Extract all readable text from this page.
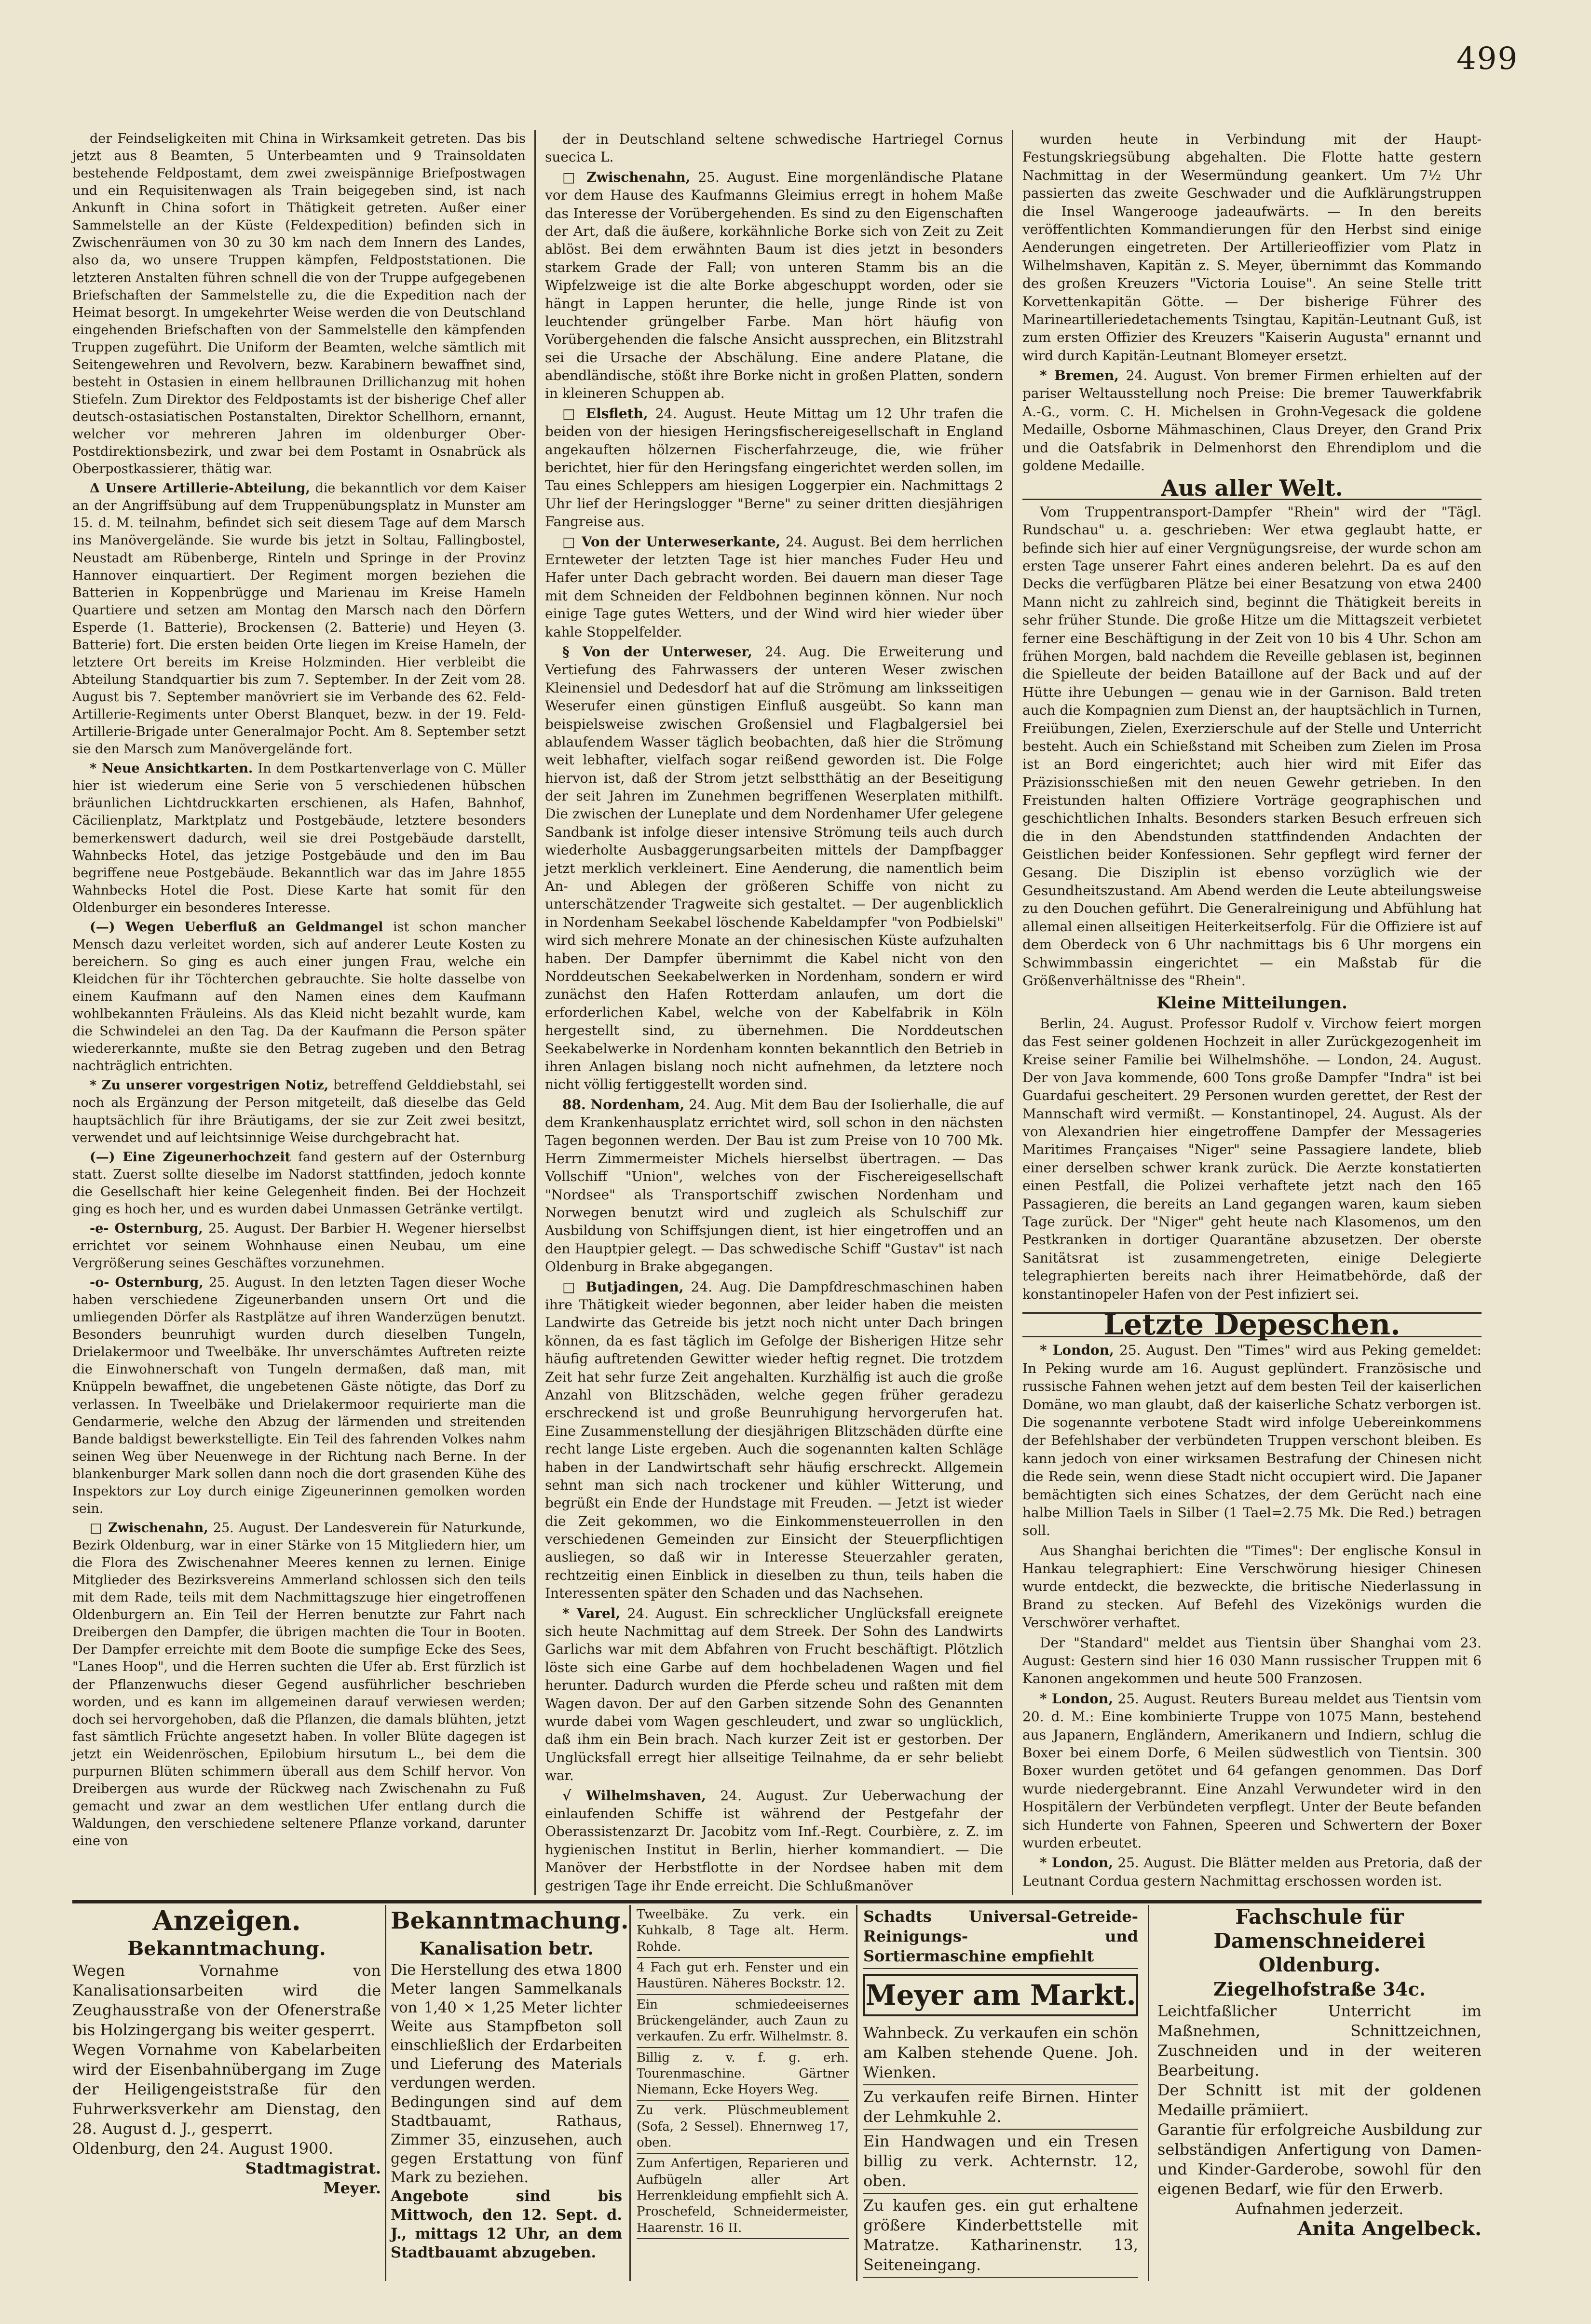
499

der Feindseligkeiten mit China in Wirksamkeit getreten. Das bis jetzt aus 8 Beamten, 5 Unterbeamten und 9 Trainsoldaten bestehende Feldpostamt, dem zwei zweispännige Briefpostwagen und ein Requisitenwagen als Train beigegeben sind, ist nach Ankunft in China sofort in Thätigkeit getreten. Außer einer Sammelstelle an der Küste (Feldexpedition) befinden sich in Zwischenräumen von 30 zu 30 km nach dem Innern des Landes, also da, wo unsere Truppen kämpfen, Feldpoststationen. Die letzteren Anstalten führen schnell die von der Truppe aufgegebenen Briefschaften der Sammelstelle zu, die die Expedition nach der Heimat besorgt. In umgekehrter Weise werden die von Deutschland eingehenden Briefschaften von der Sammelstelle den kämpfenden Truppen zugeführt. Die Uniform der Beamten, welche sämtlich mit Seitengewehren und Revolvern, bezw. Karabinern bewaffnet sind, besteht in Ostasien in einem hellbraunen Drillichanzug mit hohen Stiefeln. Zum Direktor des Feldpostamts ist der bisherige Chef aller deutsch-ostasiatischen Postanstalten, Direktor Schellhorn, ernannt, welcher vor mehreren Jahren im oldenburger Ober-Postdirektionsbezirk, und zwar bei dem Postamt in Osnabrück als Oberpostkassierer, thätig war.

Δ Unsere Artillerie-Abteilung, die bekanntlich vor dem Kaiser an der Angriffsübung auf dem Truppenübungsplatz in Munster am 15. d. M. teilnahm, befindet sich seit diesem Tage auf dem Marsch ins Manövergelände. Sie wurde bis jetzt in Soltau, Fallingbostel, Neustadt am Rübenberge, Rinteln und Springe in der Provinz Hannover einquartiert. Der Regiment morgen beziehen die Batterien in Koppenbrügge und Marienau im Kreise Hameln Quartiere und setzen am Montag den Marsch nach den Dörfern Esperde (1. Batterie), Brockensen (2. Batterie) und Heyen (3. Batterie) fort. Die ersten beiden Orte liegen im Kreise Hameln, der letztere Ort bereits im Kreise Holzminden. Hier verbleibt die Abteilung Standquartier bis zum 7. September. In der Zeit vom 28. August bis 7. September manövriert sie im Verbande des 62. Feld-Artillerie-Regiments unter Oberst Blanquet, bezw. in der 19. Feld-Artillerie-Brigade unter Generalmajor Pocht. Am 8. September setzt sie den Marsch zum Manövergelände fort.

* Neue Ansichtkarten. In dem Postkartenverlage von C. Müller hier ist wiederum eine Serie von 5 verschiedenen hübschen bräunlichen Lichtdruckkarten erschienen, als Hafen, Bahnhof, Cäcilienplatz, Marktplatz und Postgebäude, letztere besonders bemerkenswert dadurch, weil sie drei Postgebäude darstellt, Wahnbecks Hotel, das jetzige Postgebäude und den im Bau begriffene neue Postgebäude. Bekanntlich war das im Jahre 1855 Wahnbecks Hotel die Post. Diese Karte hat somit für den Oldenburger ein besonderes Interesse.

(—) Wegen Ueberfluß an Geldmangel ist schon mancher Mensch dazu verleitet worden, sich auf anderer Leute Kosten zu bereichern. So ging es auch einer jungen Frau, welche ein Kleidchen für ihr Töchterchen gebrauchte. Sie holte dasselbe von einem Kaufmann auf den Namen eines dem Kaufmann wohlbekannten Fräuleins. Als das Kleid nicht bezahlt wurde, kam die Schwindelei an den Tag. Da der Kaufmann die Person später wiedererkannte, mußte sie den Betrag zugeben und den Betrag nachträglich entrichten.

* Zu unserer vorgestrigen Notiz, betreffend Gelddiebstahl, sei noch als Ergänzung der Person mitgeteilt, daß dieselbe das Geld hauptsächlich für ihre Bräutigams, der sie zur Zeit zwei besitzt, verwendet und auf leichtsinnige Weise durchgebracht hat.

(—) Eine Zigeunerhochzeit fand gestern auf der Osternburg statt. Zuerst sollte dieselbe im Nadorst stattfinden, jedoch konnte die Gesellschaft hier keine Gelegenheit finden. Bei der Hochzeit ging es hoch her, und es wurden dabei Unmassen Getränke vertilgt.

-e- Osternburg, 25. August. Der Barbier H. Wegener hierselbst errichtet vor seinem Wohnhause einen Neubau, um eine Vergrößerung seines Geschäftes vorzunehmen.

-o- Osternburg, 25. August. In den letzten Tagen dieser Woche haben verschiedene Zigeunerbanden unsern Ort und die umliegenden Dörfer als Rastplätze auf ihren Wanderzügen benutzt. Besonders beunruhigt wurden durch dieselben Tungeln, Drielakermoor und Tweelbäke. Ihr unverschämtes Auftreten reizte die Einwohnerschaft von Tungeln dermaßen, daß man, mit Knüppeln bewaffnet, die ungebetenen Gäste nötigte, das Dorf zu verlassen. In Tweelbäke und Drielakermoor requirierte man die Gendarmerie, welche den Abzug der lärmenden und streitenden Bande baldigst bewerkstelligte. Ein Teil des fahrenden Volkes nahm seinen Weg über Neuenwege in der Richtung nach Berne. In der blankenburger Mark sollen dann noch die dort grasenden Kühe des Inspektors zur Loy durch einige Zigeunerinnen gemolken worden sein.

□ Zwischenahn, 25. August. Der Landesverein für Naturkunde, Bezirk Oldenburg, war in einer Stärke von 15 Mitgliedern hier, um die Flora des Zwischenahner Meeres kennen zu lernen. Einige Mitglieder des Bezirksvereins Ammerland schlossen sich den teils mit dem Rade, teils mit dem Nachmittagszuge hier eingetroffenen Oldenburgern an. Ein Teil der Herren benutzte zur Fahrt nach Dreibergen den Dampfer, die übrigen machten die Tour in Booten. Der Dampfer erreichte mit dem Boote die sumpfige Ecke des Sees, "Lanes Hoop", und die Herren suchten die Ufer ab. Erst fürzlich ist der Pflanzenwuchs dieser Gegend ausführlicher beschrieben worden, und es kann im allgemeinen darauf verwiesen werden; doch sei hervorgehoben, daß die Pflanzen, die damals blühten, jetzt fast sämtlich Früchte angesetzt haben. In voller Blüte dagegen ist jetzt ein Weidenröschen, Epilobium hirsutum L., bei dem die purpurnen Blüten schimmern überall aus dem Schilf hervor. Von Dreibergen aus wurde der Rückweg nach Zwischenahn zu Fuß gemacht und zwar an dem westlichen Ufer entlang durch die Waldungen, den verschiedene seltenere Pflanze vorkand, darunter eine von

der in Deutschland seltene schwedische Hartriegel Cornus suecica L.

□ Zwischenahn, 25. August. Eine morgenländische Platane vor dem Hause des Kaufmanns Gleimius erregt in hohem Maße das Interesse der Vorübergehenden. Es sind zu den Eigenschaften der Art, daß die äußere, korkähnliche Borke sich von Zeit zu Zeit ablöst. Bei dem erwähnten Baum ist dies jetzt in besonders starkem Grade der Fall; von unteren Stamm bis an die Wipfelzweige ist die alte Borke abgeschuppt worden, oder sie hängt in Lappen herunter, die helle, junge Rinde ist von leuchtender grüngelber Farbe. Man hört häufig von Vorübergehenden die falsche Ansicht aussprechen, ein Blitzstrahl sei die Ursache der Abschälung. Eine andere Platane, die abendländische, stößt ihre Borke nicht in großen Platten, sondern in kleineren Schuppen ab.

□ Elsfleth, 24. August. Heute Mittag um 12 Uhr trafen die beiden von der hiesigen Heringsfischereigesellschaft in England angekauften hölzernen Fischerfahrzeuge, die, wie früher berichtet, hier für den Heringsfang eingerichtet werden sollen, im Tau eines Schleppers am hiesigen Loggerpier ein. Nachmittags 2 Uhr lief der Heringslogger "Berne" zu seiner dritten diesjährigen Fangreise aus.

□ Von der Unterweserkante, 24. August. Bei dem herrlichen Ernteweter der letzten Tage ist hier manches Fuder Heu und Hafer unter Dach gebracht worden. Bei dauern man dieser Tage mit dem Schneiden der Feldbohnen beginnen können. Nur noch einige Tage gutes Wetters, und der Wind wird hier wieder über kahle Stoppelfelder.

§ Von der Unterweser, 24. Aug. Die Erweiterung und Vertiefung des Fahrwassers der unteren Weser zwischen Kleinensiel und Dedesdorf hat auf die Strömung am linksseitigen Weserufer einen günstigen Einfluß ausgeübt. So kann man beispielsweise zwischen Großensiel und Flagbalgersiel bei ablaufendem Wasser täglich beobachten, daß hier die Strömung weit lebhafter, vielfach sogar reißend geworden ist. Die Folge hiervon ist, daß der Strom jetzt selbstthätig an der Beseitigung der seit Jahren im Zunehmen begriffenen Weserplaten mithilft. Die zwischen der Luneplate und dem Nordenhamer Ufer gelegene Sandbank ist infolge dieser intensive Strömung teils auch durch wiederholte Ausbaggerungsarbeiten mittels der Dampfbagger jetzt merklich verkleinert. Eine Aenderung, die namentlich beim An- und Ablegen der größeren Schiffe von nicht zu unterschätzender Tragweite sich gestaltet. — Der augenblicklich in Nordenham Seekabel löschende Kabeldampfer "von Podbielski" wird sich mehrere Monate an der chinesischen Küste aufzuhalten haben. Der Dampfer übernimmt die Kabel nicht von den Norddeutschen Seekabelwerken in Nordenham, sondern er wird zunächst den Hafen Rotterdam anlaufen, um dort die erforderlichen Kabel, welche von der Kabelfabrik in Köln hergestellt sind, zu übernehmen. Die Norddeutschen Seekabelwerke in Nordenham konnten bekanntlich den Betrieb in ihren Anlagen bislang noch nicht aufnehmen, da letztere noch nicht völlig fertiggestellt worden sind.

88. Nordenham, 24. Aug. Mit dem Bau der Isolierhalle, die auf dem Krankenhausplatz errichtet wird, soll schon in den nächsten Tagen begonnen werden. Der Bau ist zum Preise von 10 700 Mk. Herrn Zimmermeister Michels hierselbst übertragen. — Das Vollschiff "Union", welches von der Fischereigesellschaft "Nordsee" als Transportschiff zwischen Nordenham und Norwegen benutzt wird und zugleich als Schulschiff zur Ausbildung von Schiffsjungen dient, ist hier eingetroffen und an den Hauptpier gelegt. — Das schwedische Schiff "Gustav" ist nach Oldenburg in Brake abgegangen.

□ Butjadingen, 24. Aug. Die Dampfdreschmaschinen haben ihre Thätigkeit wieder begonnen, aber leider haben die meisten Landwirte das Getreide bis jetzt noch nicht unter Dach bringen können, da es fast täglich im Gefolge der Bisherigen Hitze sehr häufig auftretenden Gewitter wieder heftig regnet. Die trotzdem Zeit hat sehr furze Zeit angehalten. Kurzhälfig ist auch die große Anzahl von Blitzschäden, welche gegen früher geradezu erschreckend ist und große Beunruhigung hervorgerufen hat. Eine Zusammenstellung der diesjährigen Blitzschäden dürfte eine recht lange Liste ergeben. Auch die sogenannten kalten Schläge haben in der Landwirtschaft sehr häufig erschreckt. Allgemein sehnt man sich nach trockener und kühler Witterung, und begrüßt ein Ende der Hundstage mit Freuden. — Jetzt ist wieder die Zeit gekommen, wo die Einkommensteuerrollen in den verschiedenen Gemeinden zur Einsicht der Steuerpflichtigen ausliegen, so daß wir in Interesse Steuerzahler geraten, rechtzeitig einen Einblick in dieselben zu thun, teils haben die Interessenten später den Schaden und das Nachsehen.

* Varel, 24. August. Ein schrecklicher Unglücksfall ereignete sich heute Nachmittag auf dem Streek. Der Sohn des Landwirts Garlichs war mit dem Abfahren von Frucht beschäftigt. Plötzlich löste sich eine Garbe auf dem hochbeladenen Wagen und fiel herunter. Dadurch wurden die Pferde scheu und raßten mit dem Wagen davon. Der auf den Garben sitzende Sohn des Genannten wurde dabei vom Wagen geschleudert, und zwar so unglücklich, daß ihm ein Bein brach. Nach kurzer Zeit ist er gestorben. Der Unglücksfall erregt hier allseitige Teilnahme, da er sehr beliebt war.

√ Wilhelmshaven, 24. August. Zur Ueberwachung der einlaufenden Schiffe ist während der Pestgefahr der Oberassistenzarzt Dr. Jacobitz vom Inf.-Regt. Courbière, z. Z. im hygienischen Institut in Berlin, hierher kommandiert. — Die Manöver der Herbstflotte in der Nordsee haben mit dem gestrigen Tage ihr Ende erreicht. Die Schlußmanöver

wurden heute in Verbindung mit der Haupt-Festungskriegsübung abgehalten. Die Flotte hatte gestern Nachmittag in der Wesermündung geankert. Um 7½ Uhr passierten das zweite Geschwader und die Aufklärungstruppen die Insel Wangerooge jadeaufwärts. — In den bereits veröffentlichten Kommandierungen für den Herbst sind einige Aenderungen eingetreten. Der Artillerieoffizier vom Platz in Wilhelmshaven, Kapitän z. S. Meyer, übernimmt das Kommando des großen Kreuzers "Victoria Louise". An seine Stelle tritt Korvettenkapitän Götte. — Der bisherige Führer des Marineartilleriedetachements Tsingtau, Kapitän-Leutnant Guß, ist zum ersten Offizier des Kreuzers "Kaiserin Augusta" ernannt und wird durch Kapitän-Leutnant Blomeyer ersetzt.

* Bremen, 24. August. Von bremer Firmen erhielten auf der pariser Weltausstellung noch Preise: Die bremer Tauwerkfabrik A.-G., vorm. C. H. Michelsen in Grohn-Vegesack die goldene Medaille, Osborne Mähmaschinen, Claus Dreyer, den Grand Prix und die Oatsfabrik in Delmenhorst den Ehrendiplom und die goldene Medaille.

Aus aller Welt.

Vom Truppentransport-Dampfer "Rhein" wird der "Tägl. Rundschau" u. a. geschrieben: Wer etwa geglaubt hatte, er befinde sich hier auf einer Vergnügungsreise, der wurde schon am ersten Tage unserer Fahrt eines anderen belehrt. Da es auf den Decks die verfügbaren Plätze bei einer Besatzung von etwa 2400 Mann nicht zu zahlreich sind, beginnt die Thätigkeit bereits in sehr früher Stunde. Die große Hitze um die Mittagszeit verbietet ferner eine Beschäftigung in der Zeit von 10 bis 4 Uhr. Schon am frühen Morgen, bald nachdem die Reveille geblasen ist, beginnen die Spielleute der beiden Bataillone auf der Back und auf der Hütte ihre Uebungen — genau wie in der Garnison. Bald treten auch die Kompagnien zum Dienst an, der hauptsächlich in Turnen, Freiübungen, Zielen, Exerzierschule auf der Stelle und Unterricht besteht. Auch ein Schießstand mit Scheiben zum Zielen im Prosa ist an Bord eingerichtet; auch hier wird mit Eifer das Präzisionsschießen mit den neuen Gewehr getrieben. In den Freistunden halten Offiziere Vorträge geographischen und geschichtlichen Inhalts. Besonders starken Besuch erfreuen sich die in den Abendstunden stattfindenden Andachten der Geistlichen beider Konfessionen. Sehr gepflegt wird ferner der Gesang. Die Disziplin ist ebenso vorzüglich wie der Gesundheitszustand. Am Abend werden die Leute abteilungsweise zu den Douchen geführt. Die Generalreinigung und Abfühlung hat allemal einen allseitigen Heiterkeitserfolg. Für die Offiziere ist auf dem Oberdeck von 6 Uhr nachmittags bis 6 Uhr morgens ein Schwimmbassin eingerichtet — ein Maßstab für die Größenverhältnisse des "Rhein".

Kleine Mitteilungen.

Berlin, 24. August. Professor Rudolf v. Virchow feiert morgen das Fest seiner goldenen Hochzeit in aller Zurückgezogenheit im Kreise seiner Familie bei Wilhelmshöhe. — London, 24. August. Der von Java kommende, 600 Tons große Dampfer "Indra" ist bei Guardafui gescheitert. 29 Personen wurden gerettet, der Rest der Mannschaft wird vermißt. — Konstantinopel, 24. August. Als der von Alexandrien hier eingetroffene Dampfer der Messageries Maritimes Françaises "Niger" seine Passagiere landete, blieb einer derselben schwer krank zurück. Die Aerzte konstatierten einen Pestfall, die Polizei verhaftete jetzt nach den 165 Passagieren, die bereits an Land gegangen waren, kaum sieben Tage zurück. Der "Niger" geht heute nach Klasomenos, um den Pestkranken in dortiger Quarantäne abzusetzen. Der oberste Sanitätsrat ist zusammengetreten, einige Delegierte telegraphierten bereits nach ihrer Heimatbehörde, daß der konstantinopeler Hafen von der Pest infiziert sei.

Letzte Depeschen.

* London, 25. August. Den "Times" wird aus Peking gemeldet: In Peking wurde am 16. August geplündert. Französische und russische Fahnen wehen jetzt auf dem besten Teil der kaiserlichen Domäne, wo man glaubt, daß der kaiserliche Schatz verborgen ist. Die sogenannte verbotene Stadt wird infolge Uebereinkommens der Befehlshaber der verbündeten Truppen verschont bleiben. Es kann jedoch von einer wirksamen Bestrafung der Chinesen nicht die Rede sein, wenn diese Stadt nicht occupiert wird. Die Japaner bemächtigten sich eines Schatzes, der dem Gerücht nach eine halbe Million Taels in Silber (1 Tael=2.75 Mk. Die Red.) betragen soll.

Aus Shanghai berichten die "Times": Der englische Konsul in Hankau telegraphiert: Eine Verschwörung hiesiger Chinesen wurde entdeckt, die bezweckte, die britische Niederlassung in Brand zu stecken. Auf Befehl des Vizekönigs wurden die Verschwörer verhaftet.

Der "Standard" meldet aus Tientsin über Shanghai vom 23. August: Gestern sind hier 16 030 Mann russischer Truppen mit 6 Kanonen angekommen und heute 500 Franzosen.

* London, 25. August. Reuters Bureau meldet aus Tientsin vom 20. d. M.: Eine kombinierte Truppe von 1075 Mann, bestehend aus Japanern, Engländern, Amerikanern und Indiern, schlug die Boxer bei einem Dorfe, 6 Meilen südwestlich von Tientsin. 300 Boxer wurden getötet und 64 gefangen genommen. Das Dorf wurde niedergebrannt. Eine Anzahl Verwundeter wird in den Hospitälern der Verbündeten verpflegt. Unter der Beute befanden sich Hunderte von Fahnen, Speeren und Schwertern der Boxer wurden erbeutet.

* London, 25. August. Die Blätter melden aus Pretoria, daß der Leutnant Cordua gestern Nachmittag erschossen worden ist.

Anzeigen.
Bekanntmachung.
Wegen Vornahme von Kanalisationsarbeiten wird die Zeughausstraße von der Ofenerstraße bis Holzingergang bis weiter gesperrt.
Wegen Vornahme von Kabelarbeiten wird der Eisenbahnübergang im Zuge der Heiligengeiststraße für den Fuhrwerksverkehr am Dienstag, den 28. August d. J., gesperrt.
Oldenburg, den 24. August 1900.
Stadtmagistrat.
Meyer.
Bekanntmachung.
Kanalisation betr.
Die Herstellung des etwa 1800 Meter langen Sammelkanals von 1,40 × 1,25 Meter lichter Weite aus Stampfbeton soll einschließlich der Erdarbeiten und Lieferung des Materials verdungen werden.
Bedingungen sind auf dem Stadtbauamt, Rathaus, Zimmer 35, einzusehen, auch gegen Erstattung von fünf Mark zu beziehen.
Angebote sind bis Mittwoch, den 12. Sept. d. J., mittags 12 Uhr, an dem Stadtbauamt abzugeben.
Tweelbäke. Zu verk. ein Kuhkalb, 8 Tage alt. Herm. Rohde.
4 Fach gut erh. Fenster und ein Haustüren. Näheres Bockstr. 12.
Ein schmiedeeisernes Brückengeländer, auch Zaun zu verkaufen. Zu erfr. Wilhelmstr. 8.
Billig z. v. f. g. erh. Tourenmaschine. Gärtner Niemann, Ecke Hoyers Weg.
Zu verk. Plüschmeublement (Sofa, 2 Sessel). Ehnernweg 17, oben.
Zum Anfertigen, Reparieren und Aufbügeln aller Art Herrenkleidung empfiehlt sich A. Proschefeld, Schneidermeister, Haarenstr. 16 II.
Schadts Universal-Getreide-Reinigungs- und Sortiermaschine empfiehlt
Meyer am Markt.
Wahnbeck. Zu verkaufen ein schön am Kalben stehende Quene. Joh. Wienken.
Zu verkaufen reife Birnen. Hinter der Lehmkuhle 2.
Ein Handwagen und ein Tresen billig zu verk. Achternstr. 12, oben.
Zu kaufen ges. ein gut erhaltene größere Kinderbettstelle mit Matratze. Katharinenstr. 13, Seiteneingang.
Fachschule für Damenschneiderei
Oldenburg.
Ziegelhofstraße 34c.
Leichtfaßlicher Unterricht im Maßnehmen, Schnittzeichnen, Zuschneiden und in der weiteren Bearbeitung.
Der Schnitt ist mit der goldenen Medaille prämiiert.
Garantie für erfolgreiche Ausbildung zur selbständigen Anfertigung von Damen- und Kinder-Garderobe, sowohl für den eigenen Bedarf, wie für den Erwerb.
Aufnahmen jederzeit.
Anita Angelbeck.
